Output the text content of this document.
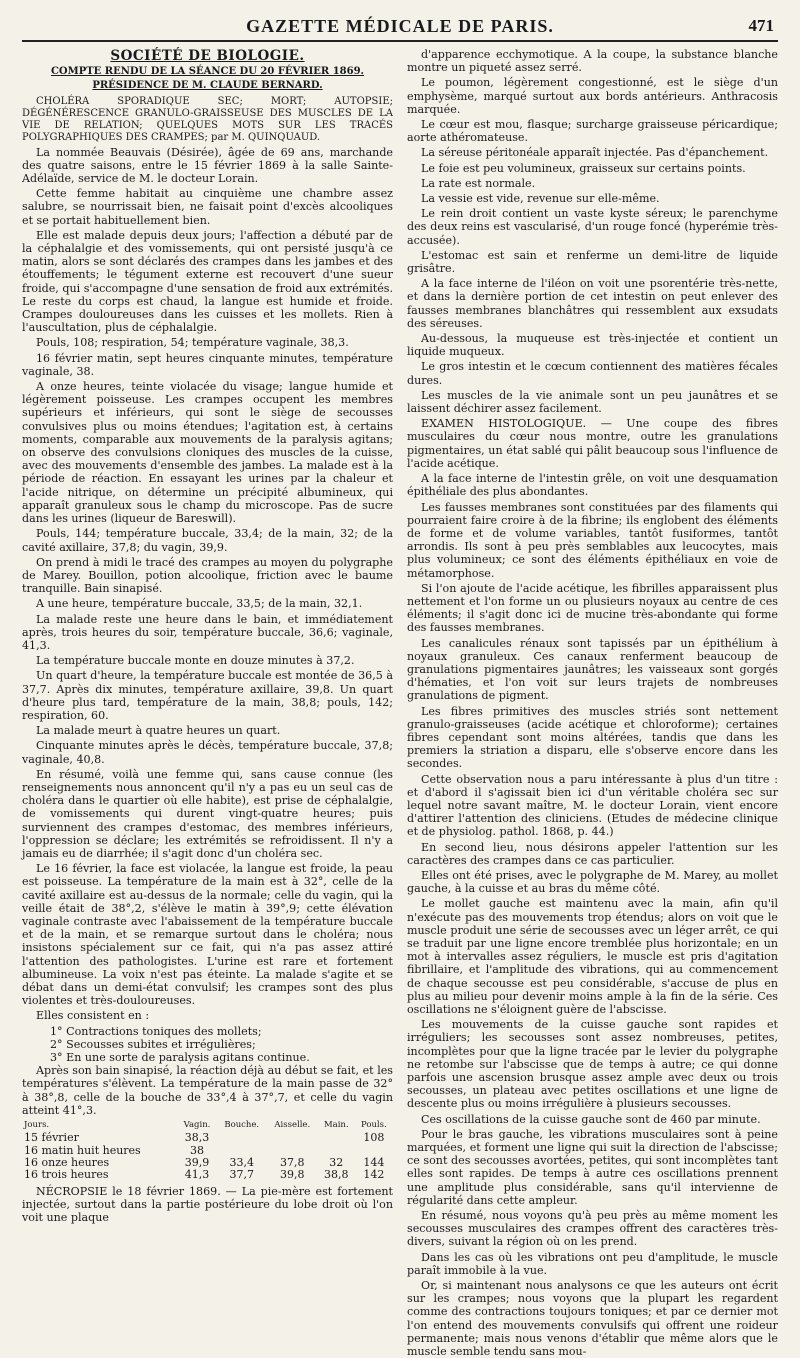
GAZETTE MÉDICALE DE PARIS.	471
SOCIÉTÉ DE BIOLOGIE.
COMPTE RENDU DE LA SÉANCE DU 20 FÉVRIER 1869.
PRÉSIDENCE DE M. CLAUDE BERNARD.

CHOLÉRA SPORADIQUE SEC; MORT; AUTOPSIE; DÉGÉNÉRESCENCE GRANULO-GRAISSEUSE DES MUSCLES DE LA VIE DE RELATION; QUELQUES MOTS SUR LES TRACÉS POLYGRAPHIQUES DES CRAMPES; par M. QUINQUAUD.

La nommée Beauvais (Désirée), âgée de 69 ans, marchande des quatre saisons, entre le 15 février 1869 à la salle Sainte-Adélaïde, service de M. le docteur Lorain.

Cette femme habitait au cinquième une chambre assez salubre, se nourrissait bien, ne faisait point d'excès alcooliques et se portait habituellement bien.

Elle est malade depuis deux jours; l'affection a débuté par de la céphalalgie et des vomissements, qui ont persisté jusqu'à ce matin, alors se sont déclarés des crampes dans les jambes et des étouffements; le tégument externe est recouvert d'une sueur froide, qui s'accompagne d'une sensation de froid aux extrémités. Le reste du corps est chaud, la langue est humide et froide. Crampes douloureuses dans les cuisses et les mollets. Rien à l'auscultation, plus de céphalalgie.

Pouls, 108; respiration, 54; température vaginale, 38,3.

16 février matin, sept heures cinquante minutes, température vaginale, 38.

A onze heures, teinte violacée du visage; langue humide et légèrement poisseuse. Les crampes occupent les membres supérieurs et inférieurs, qui sont le siège de secousses convulsives plus ou moins étendues; l'agitation est, à certains moments, comparable aux mouvements de la paralysis agitans; on observe des convulsions cloniques des muscles de la cuisse, avec des mouvements d'ensemble des jambes. La malade est à la période de réaction. En essayant les urines par la chaleur et l'acide nitrique, on détermine un précipité albumineux, qui apparaît granuleux sous le champ du microscope. Pas de sucre dans les urines (liqueur de Bareswill).

Pouls, 144; température buccale, 33,4; de la main, 32; de la cavité axillaire, 37,8; du vagin, 39,9.

On prend à midi le tracé des crampes au moyen du polygraphe de Marey. Bouillon, potion alcoolique, friction avec le baume tranquille. Bain sinapisé.

A une heure, température buccale, 33,5; de la main, 32,1.

La malade reste une heure dans le bain, et immédiatement après, trois heures du soir, température buccale, 36,6; vaginale, 41,3.

La température buccale monte en douze minutes à 37,2.

Un quart d'heure, la température buccale est montée de 36,5 à 37,7. Après dix minutes, température axillaire, 39,8. Un quart d'heure plus tard, température de la main, 38,8; pouls, 142; respiration, 60.

La malade meurt à quatre heures un quart.

Cinquante minutes après le décès, température buccale, 37,8; vaginale, 40,8.

En résumé, voilà une femme qui, sans cause connue (les renseignements nous annoncent qu'il n'y a pas eu un seul cas de choléra dans le quartier où elle habite), est prise de céphalalgie, de vomissements qui durent vingt-quatre heures; puis surviennent des crampes d'estomac, des membres inférieurs, l'oppression se déclare; les extrémités se refroidissent. Il n'y a jamais eu de diarrhée; il s'agit donc d'un choléra sec.

Le 16 février, la face est violacée, la langue est froide, la peau est poisseuse. La température de la main est à 32°, celle de la cavité axillaire est au-dessus de la normale; celle du vagin, qui la veille était de 38°,2, s'élève le matin à 39°,9; cette élévation vaginale contraste avec l'abaissement de la température buccale et de la main, et se remarque surtout dans le choléra; nous insistons spécialement sur ce fait, qui n'a pas assez attiré l'attention des pathologistes. L'urine est rare et fortement albumineuse. La voix n'est pas éteinte. La malade s'agite et se débat dans un demi-état convulsif; les crampes sont des plus violentes et très-douloureuses.

Elles consistent en :

1° Contractions toniques des mollets;

2° Secousses subites et irrégulières;

3° En une sorte de paralysis agitans continue.

Après son bain sinapisé, la réaction déjà au début se fait, et les températures s'élèvent. La température de la main passe de 32° à 38°,8, celle de la bouche de 33°,4 à 37°,7, et celle du vagin atteint 41°,3.

Jours.	Vagin.	Bouche.	Aisselle.	Main.	Pouls.
15 février	38,3				108
16 matin huit heures	38				
16 onze heures	39,9	33,4	37,8	32	144
16 trois heures	41,3	37,7	39,8	38,8	142

NÉCROPSIE le 18 février 1869. — La pie-mère est fortement injectée, surtout dans la partie postérieure du lobe droit où l'on voit une plaque

d'apparence ecchymotique. A la coupe, la substance blanche montre un piqueté assez serré.

Le poumon, légèrement congestionné, est le siège d'un emphysème, marqué surtout aux bords antérieurs. Anthracosis marquée.

Le cœur est mou, flasque; surcharge graisseuse péricardique; aorte athéromateuse.

La séreuse péritonéale apparaît injectée. Pas d'épanchement.

Le foie est peu volumineux, graisseux sur certains points.

La rate est normale.

La vessie est vide, revenue sur elle-même.

Le rein droit contient un vaste kyste séreux; le parenchyme des deux reins est vascularisé, d'un rouge foncé (hyperémie très-accusée).

L'estomac est sain et renferme un demi-litre de liquide grisâtre.

A la face interne de l'iléon on voit une psorentérie très-nette, et dans la dernière portion de cet intestin on peut enlever des fausses membranes blanchâtres qui ressemblent aux exsudats des séreuses.

Au-dessous, la muqueuse est très-injectée et contient un liquide muqueux.

Le gros intestin et le cœcum contiennent des matières fécales dures.

Les muscles de la vie animale sont un peu jaunâtres et se laissent déchirer assez facilement.

EXAMEN HISTOLOGIQUE. — Une coupe des fibres musculaires du cœur nous montre, outre les granulations pigmentaires, un état sablé qui pâlit beaucoup sous l'influence de l'acide acétique.

A la face interne de l'intestin grêle, on voit une desquamation épithéliale des plus abondantes.

Les fausses membranes sont constituées par des filaments qui pourraient faire croire à de la fibrine; ils englobent des éléments de forme et de volume variables, tantôt fusiformes, tantôt arrondis. Ils sont à peu près semblables aux leucocytes, mais plus volumineux; ce sont des éléments épithéliaux en voie de métamorphose.

Si l'on ajoute de l'acide acétique, les fibrilles apparaissent plus nettement et l'on forme un ou plusieurs noyaux au centre de ces éléments; il s'agit donc ici de mucine très-abondante qui forme des fausses membranes.

Les canalicules rénaux sont tapissés par un épithélium à noyaux granuleux. Ces canaux renferment beaucoup de granulations pigmentaires jaunâtres; les vaisseaux sont gorgés d'hématies, et l'on voit sur leurs trajets de nombreuses granulations de pigment.

Les fibres primitives des muscles striés sont nettement granulo-graisseuses (acide acétique et chloroforme); certaines fibres cependant sont moins altérées, tandis que dans les premiers la striation a disparu, elle s'observe encore dans les secondes.

Cette observation nous a paru intéressante à plus d'un titre : et d'abord il s'agissait bien ici d'un véritable choléra sec sur lequel notre savant maître, M. le docteur Lorain, vient encore d'attirer l'attention des cliniciens. (Etudes de médecine clinique et de physiolog. pathol. 1868, p. 44.)

En second lieu, nous désirons appeler l'attention sur les caractères des crampes dans ce cas particulier.

Elles ont été prises, avec le polygraphe de M. Marey, au mollet gauche, à la cuisse et au bras du même côté.

Le mollet gauche est maintenu avec la main, afin qu'il n'exécute pas des mouvements trop étendus; alors on voit que le muscle produit une série de secousses avec un léger arrêt, ce qui se traduit par une ligne encore tremblée plus horizontale; en un mot à intervalles assez réguliers, le muscle est pris d'agitation fibrillaire, et l'amplitude des vibrations, qui au commencement de chaque secousse est peu considérable, s'accuse de plus en plus au milieu pour devenir moins ample à la fin de la série. Ces oscillations ne s'éloignent guère de l'abscisse.

Les mouvements de la cuisse gauche sont rapides et irréguliers; les secousses sont assez nombreuses, petites, incomplètes pour que la ligne tracée par le levier du polygraphe ne retombe sur l'abscisse que de temps à autre; ce qui donne parfois une ascension brusque assez ample avec deux ou trois secousses, un plateau avec petites oscillations et une ligne de descente plus ou moins irrégulière à plusieurs secousses.

Ces oscillations de la cuisse gauche sont de 460 par minute.

Pour le bras gauche, les vibrations musculaires sont à peine marquées, et forment une ligne qui suit la direction de l'abscisse; ce sont des secousses avortées, petites, qui sont incomplètes tant elles sont rapides. De temps à autre ces oscillations prennent une amplitude plus considérable, sans qu'il intervienne de régularité dans cette ampleur.

En résumé, nous voyons qu'à peu près au même moment les secousses musculaires des crampes offrent des caractères très-divers, suivant la région où on les prend.

Dans les cas où les vibrations ont peu d'amplitude, le muscle paraît immobile à la vue.

Or, si maintenant nous analysons ce que les auteurs ont écrit sur les crampes; nous voyons que la plupart les regardent comme des contractions toujours toniques; et par ce dernier mot l'on entend des mouvements convulsifs qui offrent une roideur permanente; mais nous venons d'établir que même alors que le muscle semble tendu sans mou-
